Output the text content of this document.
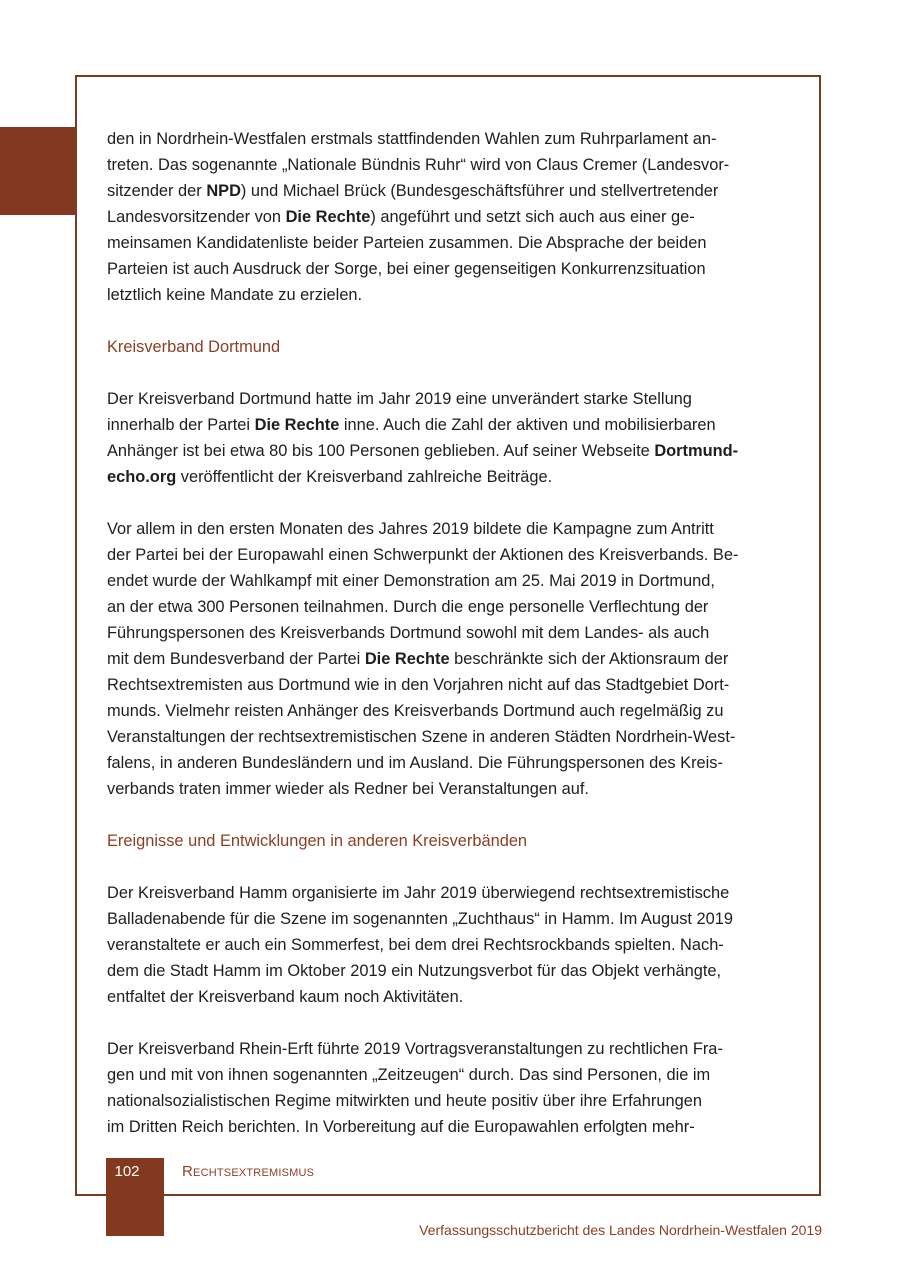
den in Nordrhein-Westfalen erstmals stattfindenden Wahlen zum Ruhrparlament an-

treten. Das sogenannte „Nationale Bündnis Ruhr“ wird von Claus Cremer (Landesvor-

sitzender der NPD) und Michael Brück (Bundesgeschäftsführer und stellvertretender

Landesvorsitzender von Die Rechte) angeführt und setzt sich auch aus einer ge-

meinsamen Kandidatenliste beider Parteien zusammen. Die Absprache der beiden

Parteien ist auch Ausdruck der Sorge, bei einer gegenseitigen Konkurrenzsituation

letztlich keine Mandate zu erzielen.

Kreisverband Dortmund

Der Kreisverband Dortmund hatte im Jahr 2019 eine unverändert starke Stellung

innerhalb der Partei Die Rechte inne. Auch die Zahl der aktiven und mobilisierbaren

Anhänger ist bei etwa 80 bis 100 Personen geblieben. Auf seiner Webseite Dortmund-

echo.org veröffentlicht der Kreisverband zahlreiche Beiträge.

Vor allem in den ersten Monaten des Jahres 2019 bildete die Kampagne zum Antritt

der Partei bei der Europawahl einen Schwerpunkt der Aktionen des Kreisverbands. Be-

endet wurde der Wahlkampf mit einer Demonstration am 25. Mai 2019 in Dortmund,

an der etwa 300 Personen teilnahmen. Durch die enge personelle Verflechtung der

Führungspersonen des Kreisverbands Dortmund sowohl mit dem Landes- als auch

mit dem Bundesverband der Partei Die Rechte beschränkte sich der Aktionsraum der

Rechtsextremisten aus Dortmund wie in den Vorjahren nicht auf das Stadtgebiet Dort-

munds. Vielmehr reisten Anhänger des Kreisverbands Dortmund auch regelmäßig zu

Veranstaltungen der rechtsextremistischen Szene in anderen Städten Nordrhein-West-

falens, in anderen Bundesländern und im Ausland. Die Führungspersonen des Kreis-

verbands traten immer wieder als Redner bei Veranstaltungen auf.

Ereignisse und Entwicklungen in anderen Kreisverbänden

Der Kreisverband Hamm organisierte im Jahr 2019 überwiegend rechtsextremistische

Balladenabende für die Szene im sogenannten „Zuchthaus“ in Hamm. Im August 2019

veranstaltete er auch ein Sommerfest, bei dem drei Rechtsrockbands spielten. Nach-

dem die Stadt Hamm im Oktober 2019 ein Nutzungsverbot für das Objekt verhängte,

entfaltet der Kreisverband kaum noch Aktivitäten.

Der Kreisverband Rhein-Erft führte 2019 Vortragsveranstaltungen zu rechtlichen Fra-

gen und mit von ihnen sogenannten „Zeitzeugen“ durch. Das sind Personen, die im

nationalsozialistischen Regime mitwirkten und heute positiv über ihre Erfahrungen

im Dritten Reich berichten. In Vorbereitung auf die Europawahlen erfolgten mehr-

102	Rechtsextremismus
Verfassungsschutzbericht des Landes Nordrhein-Westfalen 2019
